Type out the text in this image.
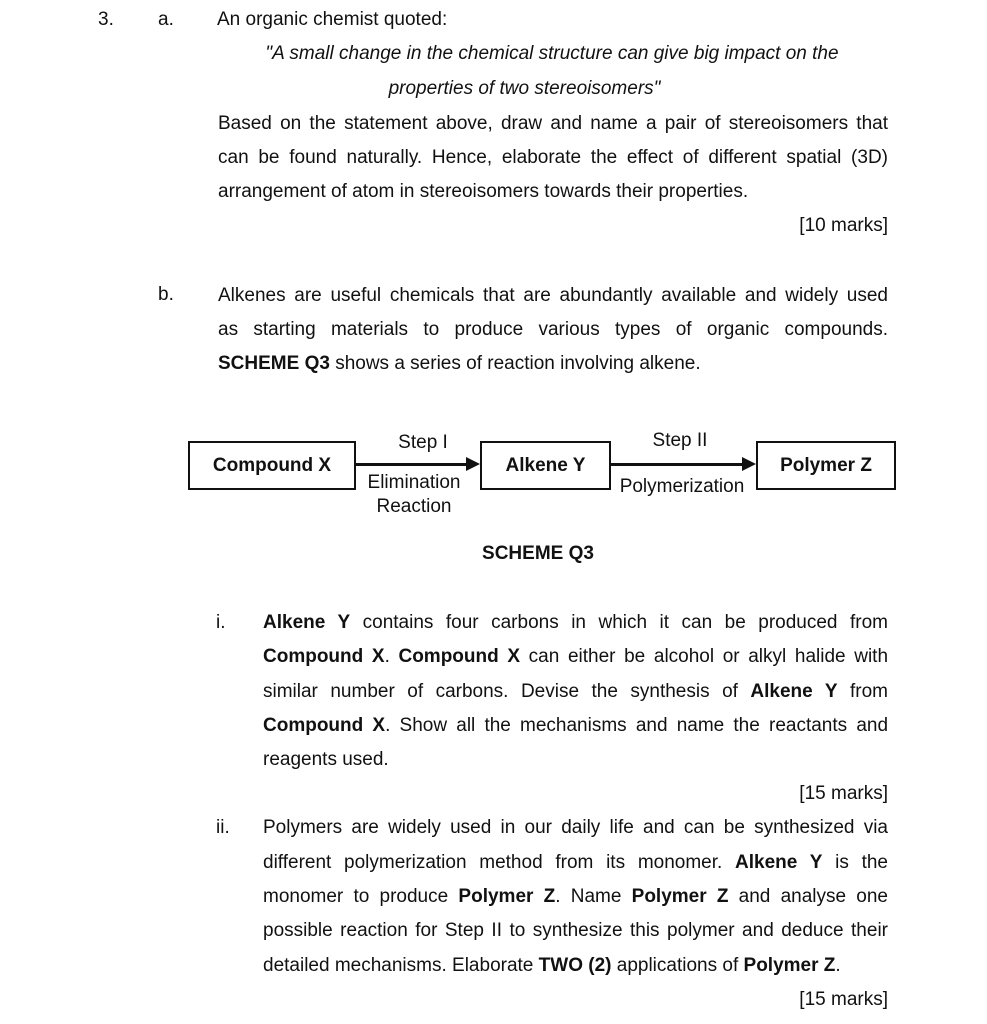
3. a. An organic chemist quoted:
"A small change in the chemical structure can give big impact on the
properties of two stereoisomers"
Based on the statement above, draw and name a pair of stereoisomers that
can be found naturally. Hence, elaborate the effect of different spatial (3D)
arrangement of atom in stereoisomers towards their properties.
[10 marks]
b. Alkenes are useful chemicals that are abundantly available and widely used
as starting materials to produce various types of organic compounds.
SCHEME Q3 shows a series of reaction involving alkene.
Compound X	Alkene Y	Polymer Z
Step I
Elimination
Reaction
Step II
Polymerization
SCHEME Q3
i. Alkene Y contains four carbons in which it can be produced from
Compound X. Compound X can either be alcohol or alkyl halide with
similar number of carbons. Devise the synthesis of Alkene Y from
Compound X. Show all the mechanisms and name the reactants and
reagents used.
[15 marks]
ii. Polymers are widely used in our daily life and can be synthesized via
different polymerization method from its monomer. Alkene Y is the
monomer to produce Polymer Z. Name Polymer Z and analyse one
possible reaction for Step II to synthesize this polymer and deduce their
detailed mechanisms. Elaborate TWO (2) applications of Polymer Z.
[15 marks]
